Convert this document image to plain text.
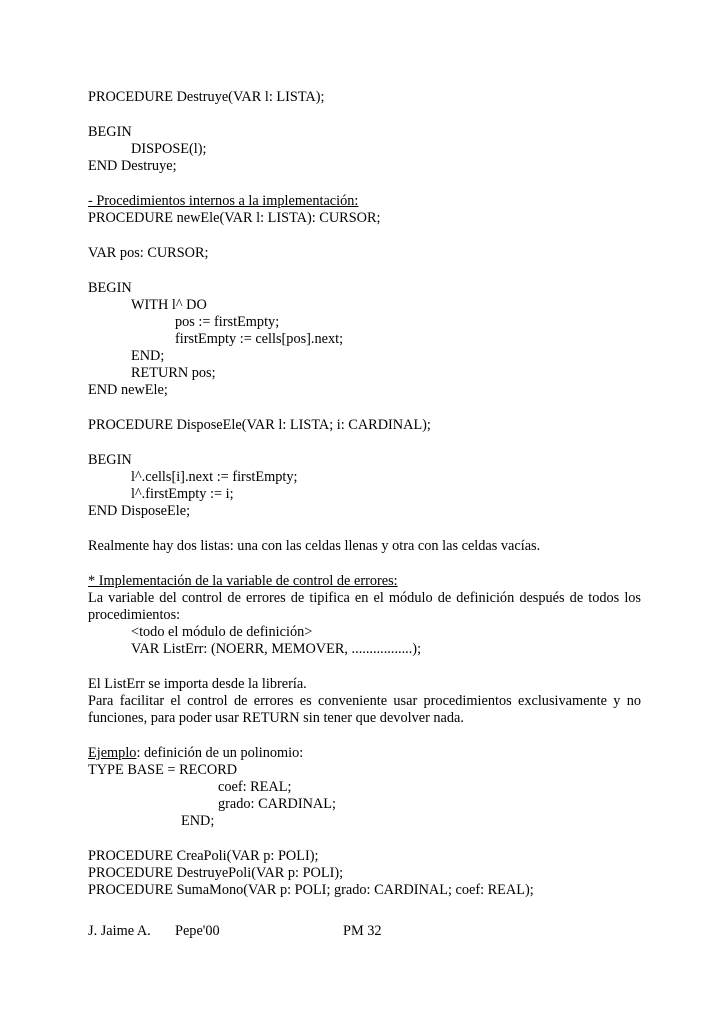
PROCEDURE Destruye(VAR l: LISTA);
BEGIN
DISPOSE(l);
END Destruye;
- Procedimientos internos a la implementación:
PROCEDURE newEle(VAR l: LISTA): CURSOR;
VAR pos: CURSOR;
BEGIN
WITH l^ DO
pos := firstEmpty;
firstEmpty := cells[pos].next;
END;
RETURN pos;
END newEle;
PROCEDURE DisposeEle(VAR l: LISTA; i: CARDINAL);
BEGIN
l^.cells[i].next := firstEmpty;
l^.firstEmpty := i;
END DisposeEle;
Realmente hay dos listas: una con las celdas llenas y otra con las celdas vacías.
* Implementación de la variable de control de errores:
La variable del control de errores de tipifica en el módulo de definición después de todos los
procedimientos:
<todo el módulo de definición>
VAR ListErr: (NOERR, MEMOVER, .................);
El ListErr se importa desde la librería.
Para facilitar el control de errores es conveniente usar procedimientos exclusivamente y no
funciones, para poder usar RETURN sin tener que devolver nada.
Ejemplo: definición de un polinomio:
TYPE BASE = RECORD
coef: REAL;
grado: CARDINAL;
END;
PROCEDURE CreaPoli(VAR p: POLI);
PROCEDURE DestruyePoli(VAR p: POLI);
PROCEDURE SumaMono(VAR p: POLI; grado: CARDINAL; coef: REAL);
J. Jaime A. Pepe'00	PM 32
